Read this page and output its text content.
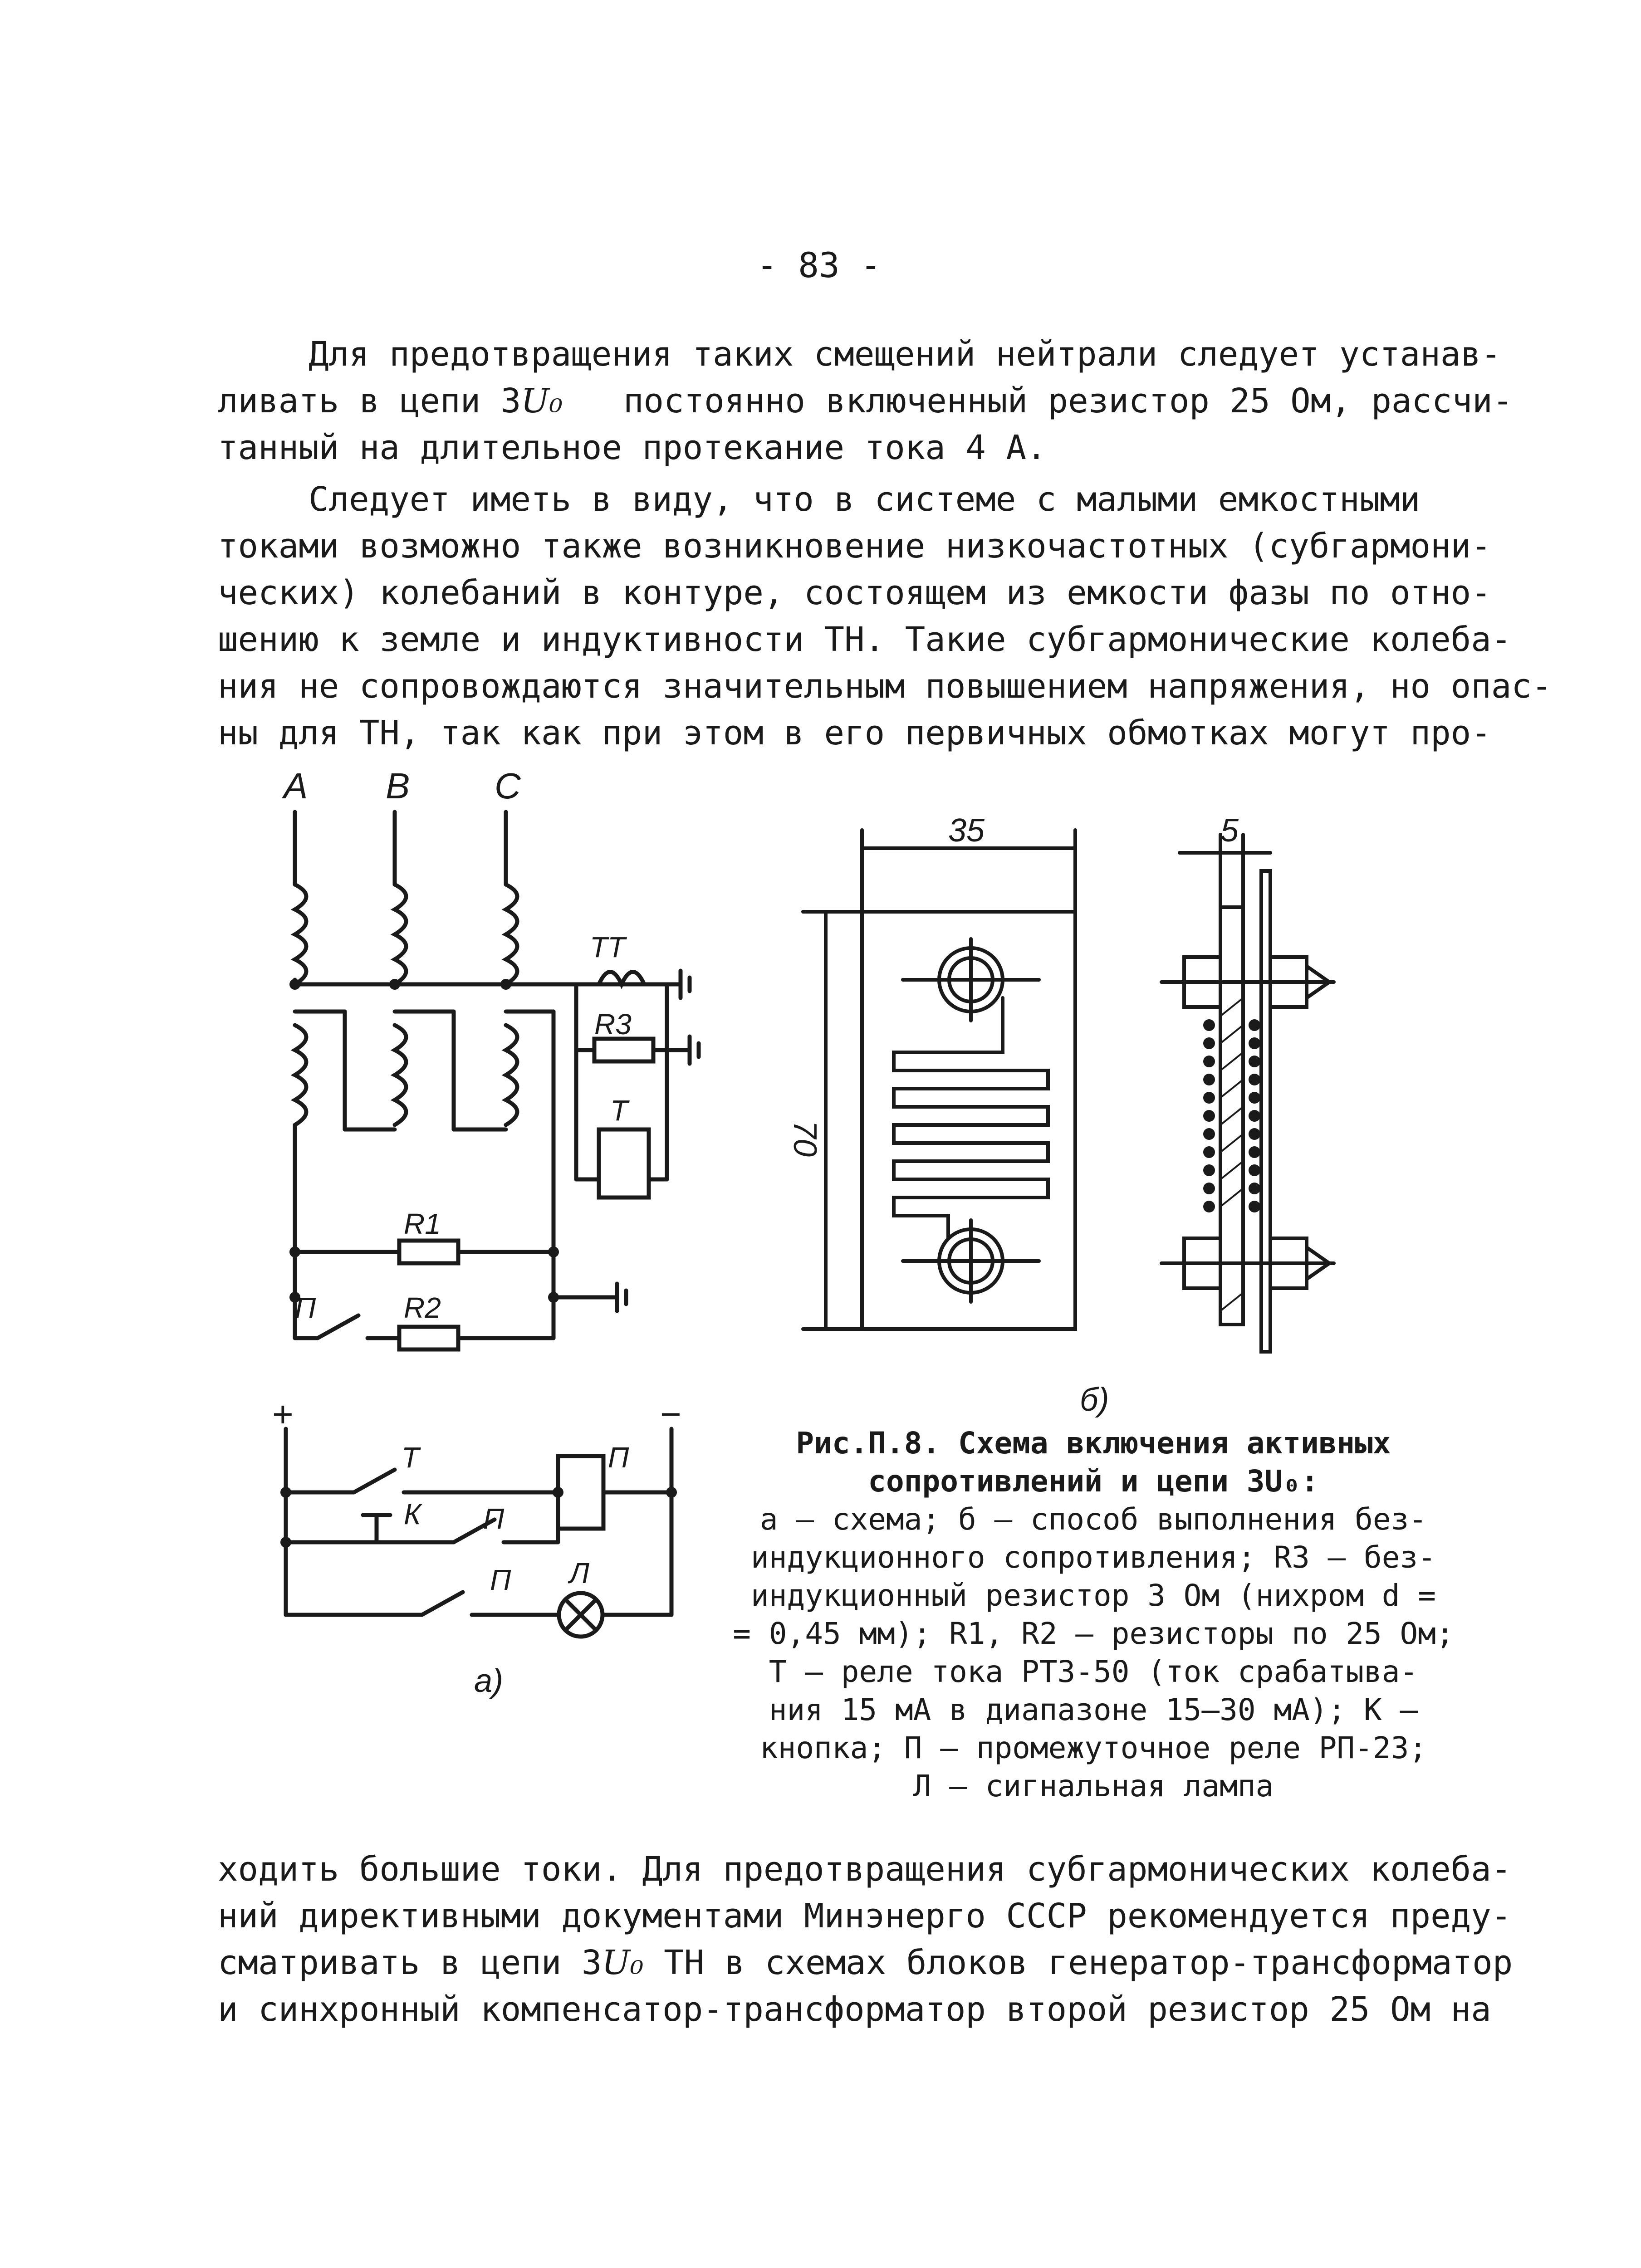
- 83 -
Для предотвращения таких смещений нейтрали следует устанав-
ливать в цепи 3U₀ постоянно включенный резистор 25 Ом, рассчи-
танный на длительное протекание тока 4 А.
Следует иметь в виду, что в системе с малыми емкостными
токами возможно также возникновение низкочастотных (субгармони-
ческих) колебаний в контуре, состоящем из емкости фазы по отно-
шению к земле и индуктивности ТН. Такие субгармонические колеба-
ния не сопровождаются значительным повышением напряжения, но опас-
ны для ТН, так как при этом в его первичных обмотках могут про-
A B C
ТТ
R3
Т
R1
R2
П
+	−
Т
К П
П
П
Л
а)
35
70
5
б)
Рис.П.8. Схема включения активных
сопротивлений и цепи 3U₀:
а – схема; б – способ выполнения без-
индукционного сопротивления; R3 – без-
индукционный резистор 3 Ом (нихром d =
= 0,45 мм); R1, R2 – резисторы по 25 Ом;
Т – реле тока РТЗ-50 (ток срабатыва-
ния 15 мА в диапазоне 15–30 мА); К –
кнопка; П – промежуточное реле РП-23;
Л – сигнальная лампа
ходить большие токи. Для предотвращения субгармонических колеба-
ний директивными документами Минэнерго СССР рекомендуется преду-
сматривать в цепи 3U₀ ТН в схемах блоков генератор-трансформатор
и синхронный компенсатор-трансформатор второй резистор 25 Ом на
